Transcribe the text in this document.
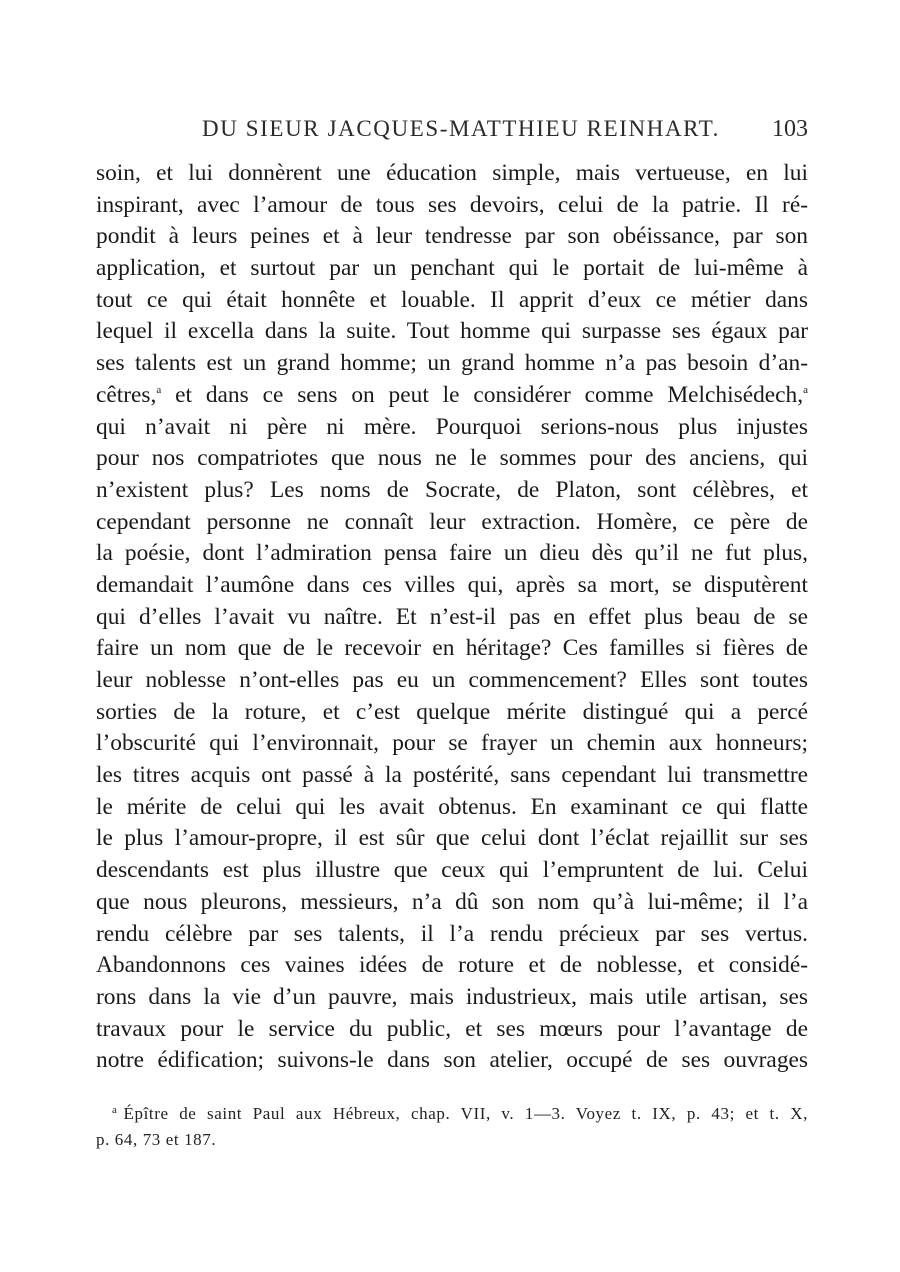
DU SIEUR JACQUES-MATTHIEU REINHART. 103
soin, et lui donnèrent une éducation simple, mais vertueuse, en lui
inspirant, avec l’amour de tous ses devoirs, celui de la patrie. Il ré-
pondit à leurs peines et à leur tendresse par son obéissance, par son
application, et surtout par un penchant qui le portait de lui-même à
tout ce qui était honnête et louable. Il apprit d’eux ce métier dans
lequel il excella dans la suite. Tout homme qui surpasse ses égaux par
ses talents est un grand homme; un grand homme n’a pas besoin d’an-
cêtres,$^a$ et dans ce sens on peut le considérer comme Melchisédech,$^a$
qui n’avait ni père ni mère. Pourquoi serions-nous plus injustes
pour nos compatriotes que nous ne le sommes pour des anciens, qui
n’existent plus? Les noms de Socrate, de Platon, sont célèbres, et
cependant personne ne connaît leur extraction. Homère, ce père de
la poésie, dont l’admiration pensa faire un dieu dès qu’il ne fut plus,
demandait l’aumône dans ces villes qui, après sa mort, se disputèrent
qui d’elles l’avait vu naître. Et n’est-il pas en effet plus beau de se
faire un nom que de le recevoir en héritage? Ces familles si fières de
leur noblesse n’ont-elles pas eu un commencement? Elles sont toutes
sorties de la roture, et c’est quelque mérite distingué qui a percé
l’obscurité qui l’environnait, pour se frayer un chemin aux honneurs;
les titres acquis ont passé à la postérité, sans cependant lui transmettre
le mérite de celui qui les avait obtenus. En examinant ce qui flatte
le plus l’amour-propre, il est sûr que celui dont l’éclat rejaillit sur ses
descendants est plus illustre que ceux qui l’empruntent de lui. Celui
que nous pleurons, messieurs, n’a dû son nom qu’à lui-même; il l’a
rendu célèbre par ses talents, il l’a rendu précieux par ses vertus.
Abandonnons ces vaines idées de roture et de noblesse, et considé-
rons dans la vie d’un pauvre, mais industrieux, mais utile artisan, ses
travaux pour le service du public, et ses mœurs pour l’avantage de
notre édification; suivons-le dans son atelier, occupé de ses ouvrages
$^a$ Épître de saint Paul aux Hébreux, chap. VII, v. 1—3. Voyez t. IX, p. 43; et t. X,
p. 64, 73 et 187.
